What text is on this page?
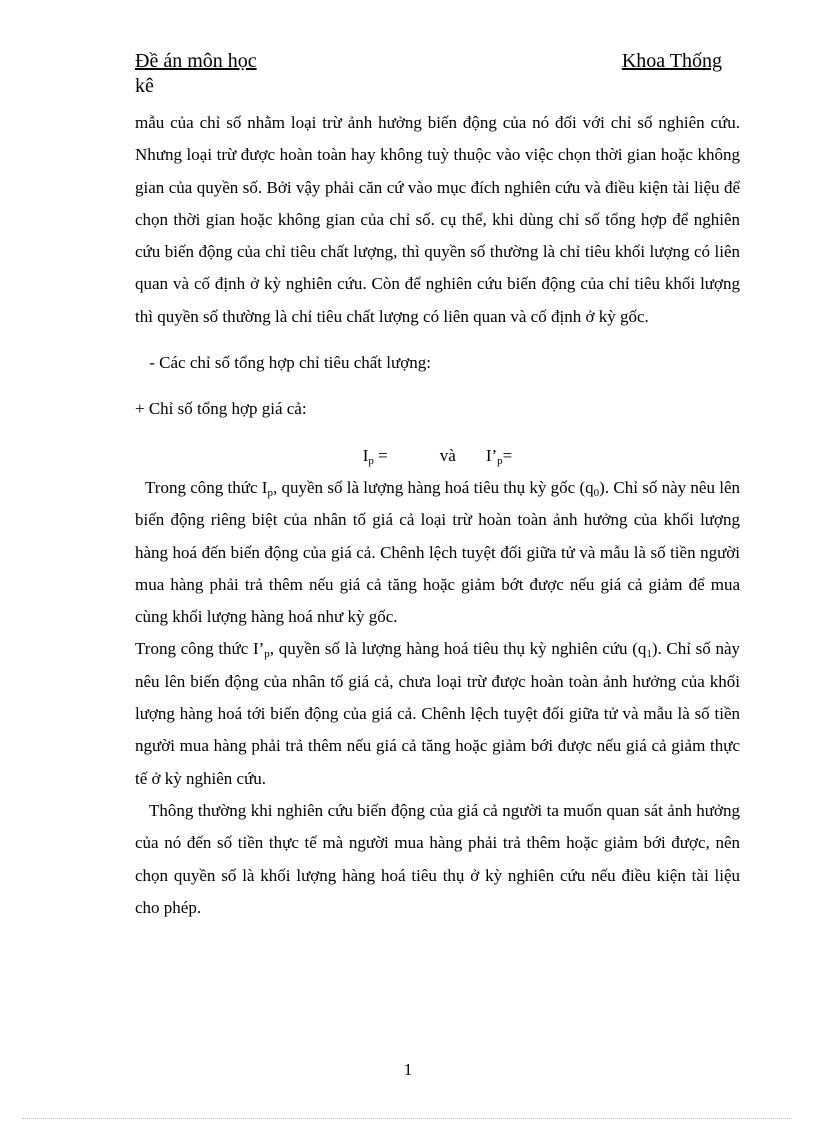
Đề án môn học	Khoa Thống
kê

mẫu của chỉ số nhằm loại trừ ảnh hưởng biến động của nó đối với chỉ số nghiên cứu. Nhưng loại trừ được hoàn toàn hay không tuỳ thuộc vào việc chọn thời gian hoặc không gian của quyền số. Bởi vậy phải căn cứ vào mục đích nghiên cứu và điều kiện tài liệu để chọn thời gian hoặc không gian của chỉ số. cụ thể, khi dùng chỉ số tổng hợp để nghiên cứu biến động của chỉ tiêu chất lượng, thì quyền số thường là chỉ tiêu khối lượng có liên quan và cố định ở kỳ nghiên cứu. Còn để nghiên cứu biến động của chỉ tiêu khối lượng thì quyền số thường là chỉ tiêu chất lượng có liên quan và cố định ở kỳ gốc.

- Các chỉ số tổng hợp chỉ tiêu chất lượng:

+ Chỉ số tổng hợp giá cả:

$I_p$ =	và $I’_p=$

Trong công thức $I_p$, quyền số là lượng hàng hoá tiêu thụ kỳ gốc $(q_0)$. Chỉ số này nêu lên biến động riêng biệt của nhân tố giá cả loại trừ hoàn toàn ảnh hưởng của khối lượng hàng hoá đến biến động của giá cả. Chênh lệch tuyệt đối giữa tử và mẫu là số tiền người mua hàng phải trả thêm nếu giá cả tăng hoặc giảm bớt được nếu giá cả giảm để mua cùng khối lượng hàng hoá như kỳ gốc.

Trong công thức $I’_p$, quyền số là lượng hàng hoá tiêu thụ kỳ nghiên cứu $(q_1)$. Chỉ số này nêu lên biến động của nhân tố giá cả, chưa loại trừ được hoàn toàn ảnh hưởng của khối lượng hàng hoá tới biến động của giá cả. Chênh lệch tuyệt đối giữa tử và mẫu là số tiền người mua hàng phải trả thêm nếu giá cả tăng hoặc giảm bới được nếu giá cả giảm thực tế ở kỳ nghiên cứu.

Thông thường khi nghiên cứu biến động của giá cả người ta muốn quan sát ảnh hưởng của nó đến số tiền thực tế mà người mua hàng phải trả thêm hoặc giảm bới được, nên chọn quyền số là khối lượng hàng hoá tiêu thụ ở kỳ nghiên cứu nếu điều kiện tài liệu cho phép.

1
